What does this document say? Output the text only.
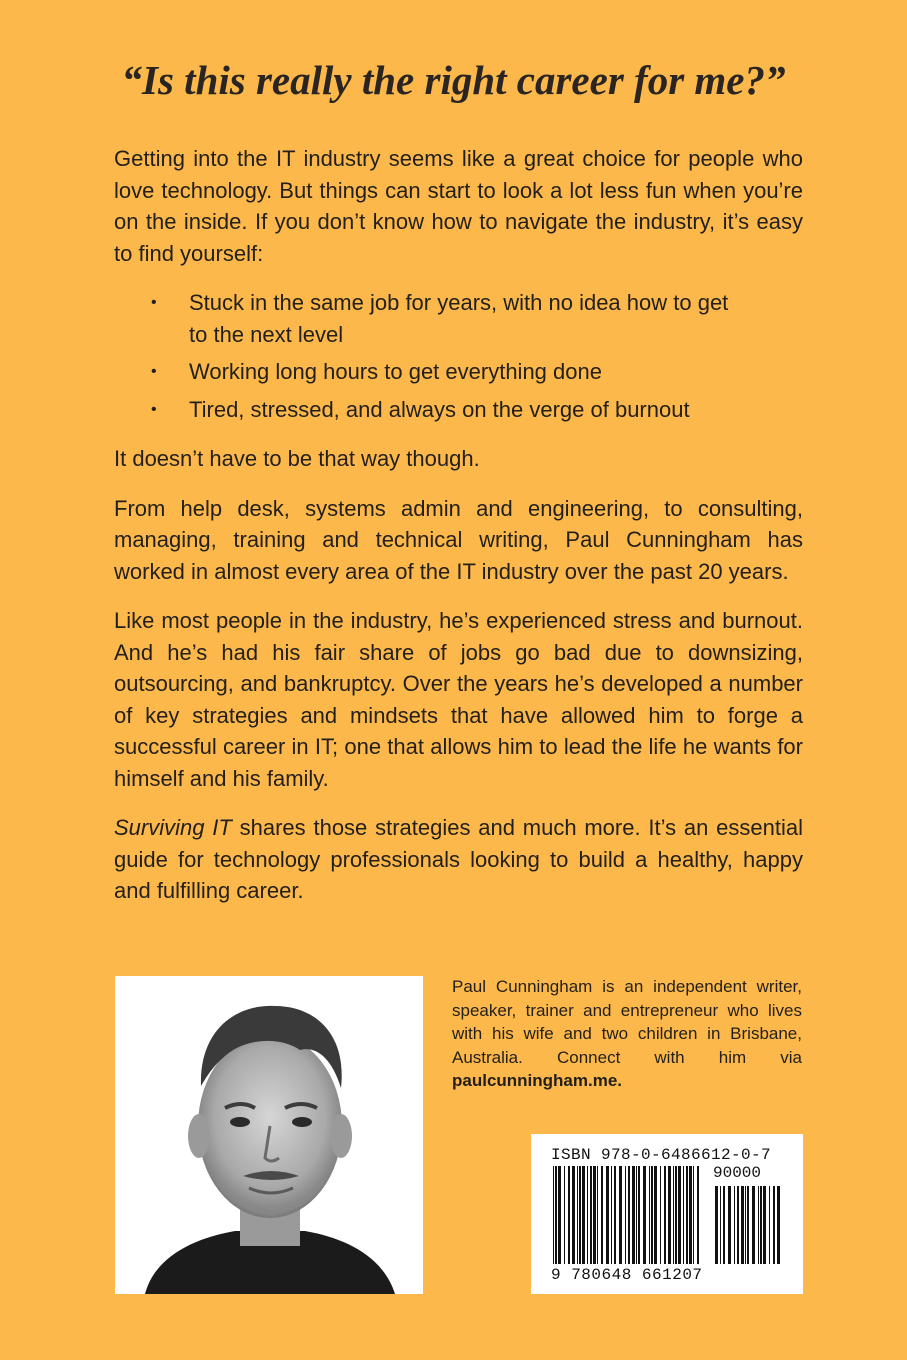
“Is this really the right career for me?”

Getting into the IT industry seems like a great choice for people who love technology. But things can start to look a lot less fun when you’re on the inside. If you don’t know how to navigate the industry, it’s easy to find yourself:

• Stuck in the same job for years, with no idea how to get to the next level
• Working long hours to get everything done
• Tired, stressed, and always on the verge of burnout

It doesn’t have to be that way though.

From help desk, systems admin and engineering, to consulting, managing, training and technical writing, Paul Cunningham has worked in almost every area of the IT industry over the past 20 years.

Like most people in the industry, he’s experienced stress and burnout. And he’s had his fair share of jobs go bad due to downsizing, outsourcing, and bankruptcy. Over the years he’s developed a number of key strategies and mindsets that have allowed him to forge a successful career in IT; one that allows him to lead the life he wants for himself and his family.

Surviving IT shares those strategies and much more. It’s an essential guide for technology professionals looking to build a healthy, happy and fulfilling career.

Paul Cunningham is an independent writer, speaker, trainer and entrepreneur who lives with his wife and two children in Brisbane, Australia. Connect with him via paulcunningham.me.

ISBN 978-0-6486612-0-7
90000
9 780648 661207
